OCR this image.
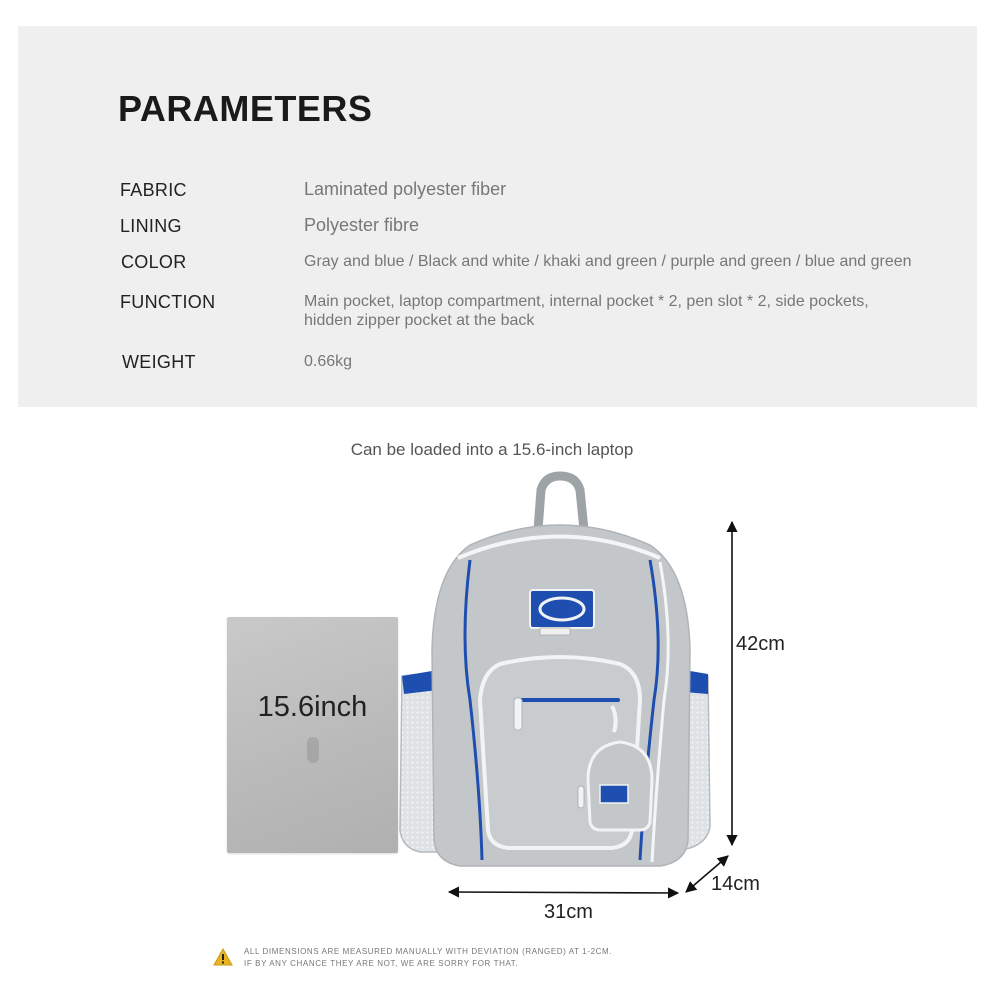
PARAMETERS
FABRIC	Laminated polyester fiber
LINING	Polyester fibre
COLOR	Gray and blue / Black and white / khaki and green / purple and green / blue and green
FUNCTION	Main pocket, laptop compartment, internal pocket * 2, pen slot * 2, side pockets,
hidden zipper pocket at the back
WEIGHT	0.66kg
Can be loaded into a 15.6-inch laptop
15.6inch
42cm
14cm
31cm
ALL DIMENSIONS ARE MEASURED MANUALLY WITH DEVIATION (RANGED) AT 1-2CM.
IF BY ANY CHANCE THEY ARE NOT, WE ARE SORRY FOR THAT.
